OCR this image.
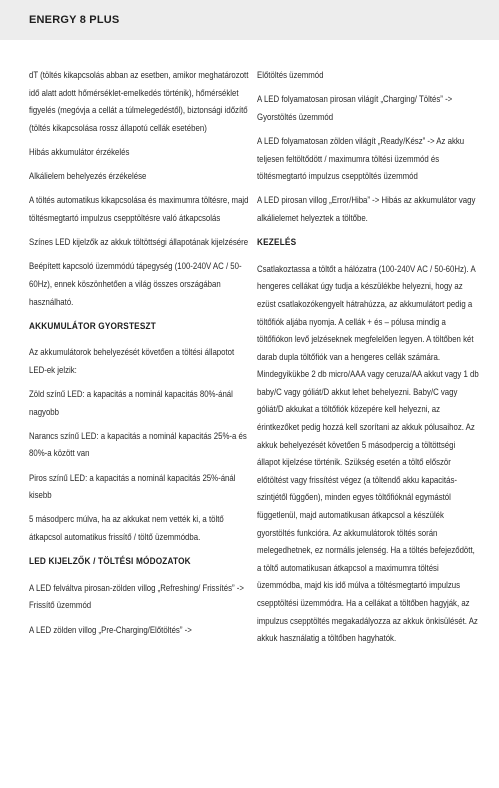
ENERGY 8 PLUS

dT (töltés kikapcsolás abban az esetben, amikor meghatározott idő alatt adott hőmérséklet-emelkedés történik), hőmérséklet figyelés (megóvja a cellát a túlmelegedéstől), biztonsági időzítő (töltés kikapcsolása rossz állapotú cellák esetében)

Hibás akkumulátor érzékelés

Alkálielem behelyezés érzékelése

A töltés automatikus kikapcsolása és maximumra töltésre, majd töltésmegtartó impulzus csepptöltésre való átkapcsolás

Színes LED kijelzők az akkuk töltöttségi állapotának kijelzésére

Beépített kapcsoló üzemmódú tápegység (100-240V AC / 50-60Hz), ennek köszönhetően a világ összes országában használható.

AKKUMULÁTOR GYORSTESZT

Az akkumulátorok behelyezését követően a töltési állapotot LED-ek jelzik:

Zöld színű LED: a kapacitás a nominál kapacitás 80%-ánál nagyobb

Narancs színű LED: a kapacitás a nominál kapacitás 25%-a és 80%-a között van

Piros színű LED: a kapacitás a nominál kapacitás 25%-ánál kisebb

5 másodperc múlva, ha az akkukat nem vették ki, a töltő átkapcsol automatikus frissítő / töltő üzemmódba.

LED KIJELZŐK / TÖLTÉSI MÓDOZATOK

A LED felváltva pirosan-zölden villog „Refreshing/ Frissítés” -> Frissítő üzemmód

A LED zölden villog „Pre-Charging/Előtöltés” ->

Előtöltés üzemmód

A LED folyamatosan pirosan világít „Charging/ Töltés” -> Gyorstöltés üzemmód

A LED folyamatosan zölden világít „Ready/Kész” -> Az akku teljesen feltöltődött / maximumra töltési üzemmód és töltésmegtartó impulzus csepptöltés üzemmód

A LED pirosan villog „Error/Hiba” -> Hibás az akkumulátor vagy alkálielemet helyeztek a töltőbe.

KEZELÉS

Csatlakoztassa a töltőt a hálózatra (100-240V AC / 50-60Hz). A hengeres cellákat úgy tudja a készülékbe helyezni, hogy az ezüst csatlakozókengyelt hátrahúzza, az akkumulátort pedig a töltőfiók aljába nyomja. A cellák + és – pólusa mindig a töltőfiókon levő jelzéseknek megfelelően legyen. A töltőben két darab dupla töltőfiók van a hengeres cellák számára. Mindegyikükbe 2 db micro/AAA vagy ceruza/AA akkut vagy 1 db baby/C vagy góliát/D akkut lehet behelyezni. Baby/C vagy góliát/D akkukat a töltőfiók közepére kell helyezni, az érintkezőket pedig hozzá kell szorítani az akkuk pólusaihoz. Az akkuk behelyezését követően 5 másodpercig a töltöttségi állapot kijelzése történik. Szükség esetén a töltő először előtöltést vagy frissítést végez (a töltendő akku kapacitás-szintjétől függően), minden egyes töltőfióknál egymástól függetlenül, majd automatikusan átkapcsol a készülék gyorstöltés funkcióra. Az akkumulátorok töltés során melegedhetnek, ez normális jelenség. Ha a töltés befejeződött, a töltő automatikusan átkapcsol a maximumra töltési üzemmódba, majd kis idő múlva a töltésmegtartó impulzus csepptöltési üzemmódra. Ha a cellákat a töltőben hagyják, az impulzus csepptöltés megakadályozza az akkuk önkisülését. Az akkuk használatig a töltőben hagyhatók.
